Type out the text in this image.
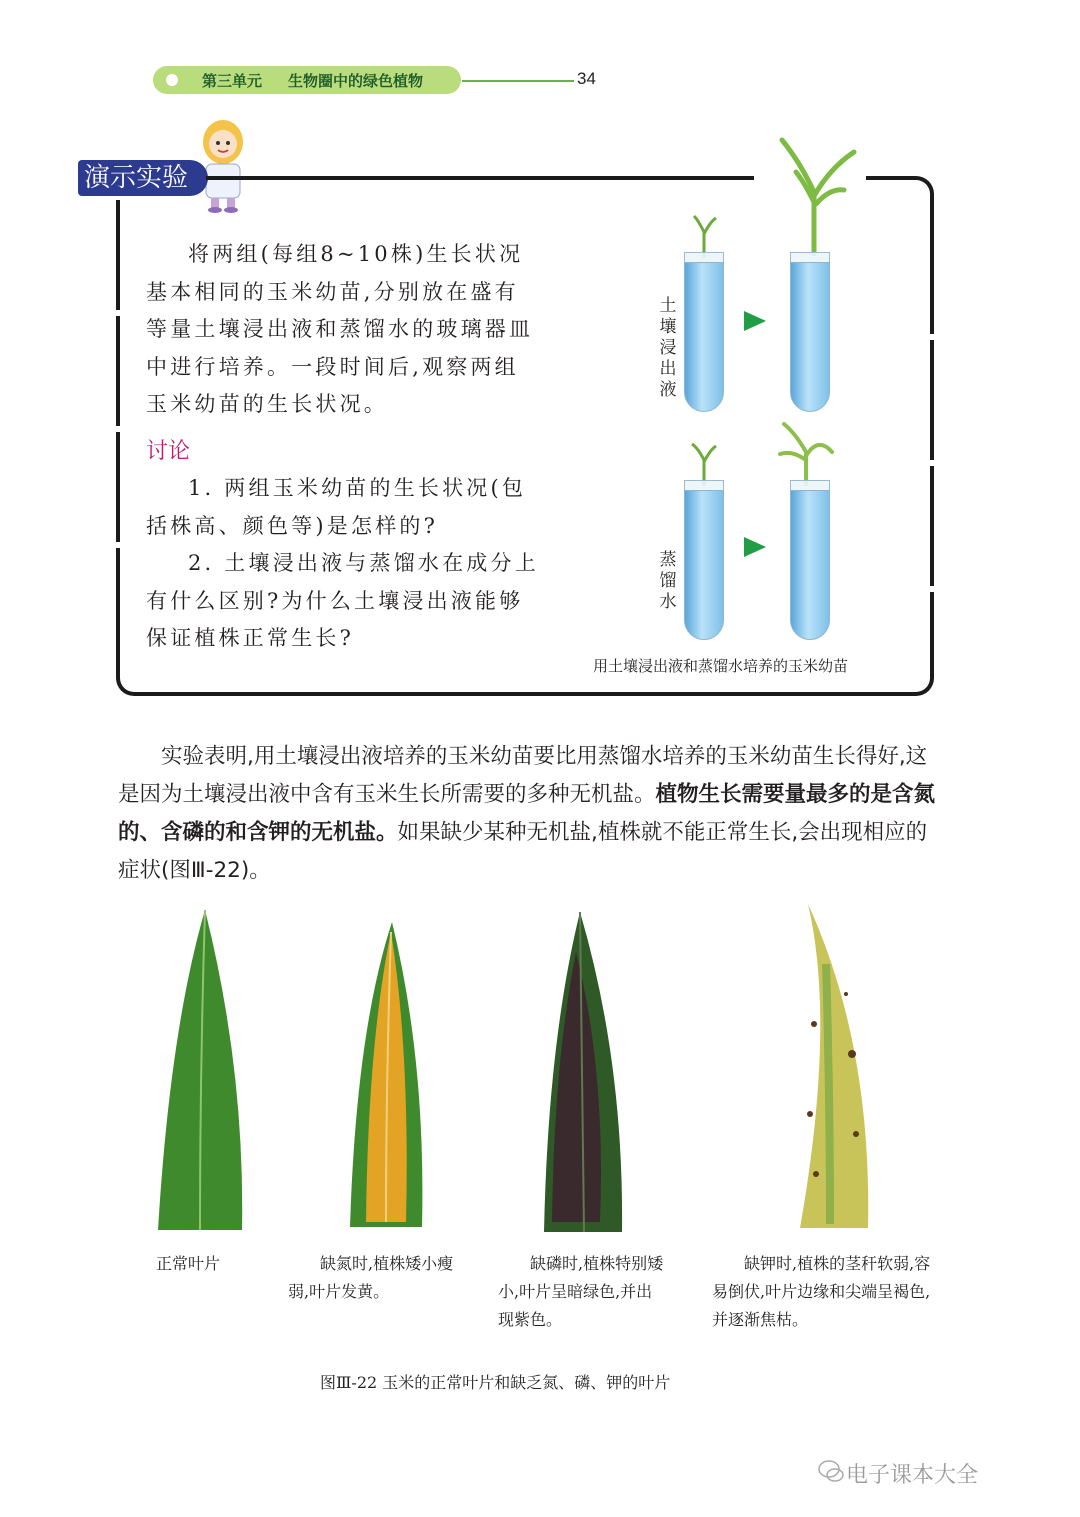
第三单元 生物圈中的绿色植物	34
演示实验

将两组(每组8~10株)生长状况

基本相同的玉米幼苗,分别放在盛有

等量土壤浸出液和蒸馏水的玻璃器皿

中进行培养。一段时间后,观察两组

玉米幼苗的生长状况。

讨论

1. 两组玉米幼苗的生长状况(包

括株高、颜色等)是怎样的?

2. 土壤浸出液与蒸馏水在成分上

有什么区别?为什么土壤浸出液能够

保证植株正常生长?

土壤浸出液
蒸馏水
用土壤浸出液和蒸馏水培养的玉米幼苗
实验表明,用土壤浸出液培养的玉米幼苗要比用蒸馏水培养的玉米幼苗生长得好,这是因为土壤浸出液中含有玉米生长所需要的多种无机盐。植物生长需要量最多的是含氮的、含磷的和含钾的无机盐。如果缺少某种无机盐,植株就不能正常生长,会出现相应的症状(图Ⅲ-22)。
正常叶片	缺氮时,植株矮小瘦弱,叶片发黄。
缺磷时,植株特别矮小,叶片呈暗绿色,并出现紫色。
缺钾时,植株的茎秆软弱,容易倒伏,叶片边缘和尖端呈褐色,并逐渐焦枯。
图Ⅲ-22 玉米的正常叶片和缺乏氮、磷、钾的叶片
电子课本大全
